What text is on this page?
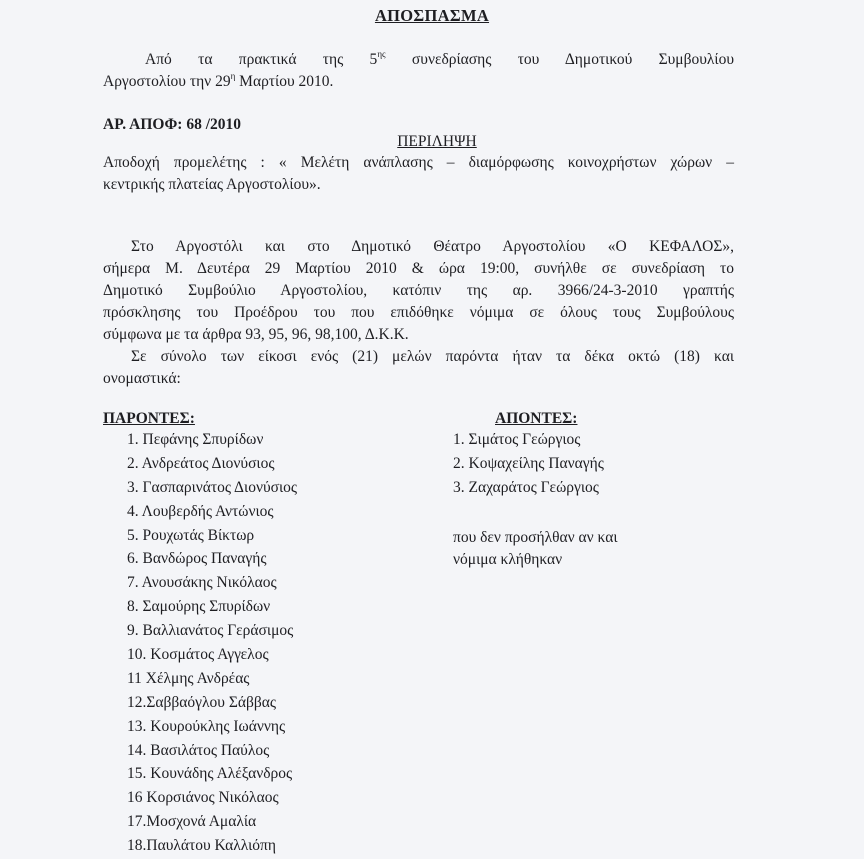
ΑΠΟΣΠΑΣΜΑ
Από τα πρακτικά της $5^{\eta\varsigma}$ συνεδρίασης του Δημοτικού Συμβουλίου
Αργοστολίου την $29^\eta$ Μαρτίου 2010.
ΑΡ. ΑΠΟΦ: 68 /2010
ΠΕΡΙΛΗΨΗ
Αποδοχή προμελέτης : « Μελέτη ανάπλασης – διαμόρφωσης κοινοχρήστων χώρων –
κεντρικής πλατείας Αργοστολίου».
Στο Αργοστόλι και στο Δημοτικό Θέατρο Αργοστολίου «Ο ΚΕΦΑΛΟΣ»,
σήμερα Μ. Δευτέρα 29 Μαρτίου 2010 & ώρα 19:00, συνήλθε σε συνεδρίαση το
Δημοτικό Συμβούλιο Αργοστολίου, κατόπιν της αρ. 3966/24-3-2010 γραπτής
πρόσκλησης του Προέδρου του που επιδόθηκε νόμιμα σε όλους τους Συμβούλους
σύμφωνα με τα άρθρα 93, 95, 96, 98,100, Δ.Κ.Κ.
Σε σύνολο των είκοσι ενός (21) μελών παρόντα ήταν τα δέκα οκτώ (18) και
ονομαστικά:
ΠΑΡΟΝΤΕΣ:	ΑΠΟΝΤΕΣ:
1. Πεφάνης Σπυρίδων
2. Ανδρεάτος Διονύσιος
3. Γασπαρινάτος Διονύσιος
4. Λουβερδής Αντώνιος
5. Ρουχωτάς Βίκτωρ
6. Βανδώρος Παναγής
7. Ανουσάκης Νικόλαος
8. Σαμούρης Σπυρίδων
9. Βαλλιανάτος Γεράσιμος
10. Κοσμάτος Αγγελος
11 Χέλμης Ανδρέας
12.Σαββαόγλου Σάββας
13. Κουρούκλης Ιωάννης
14. Βασιλάτος Παύλος
15. Κουνάδης Αλέξανδρος
16 Κορσιάνος Νικόλαος
17.Μοσχονά Αμαλία
18.Παυλάτου Καλλιόπη
1. Σιμάτος Γεώργιος
2. Κοψαχείλης Παναγής
3. Ζαχαράτος Γεώργιος
που δεν προσήλθαν αν και
νόμιμα κλήθηκαν
